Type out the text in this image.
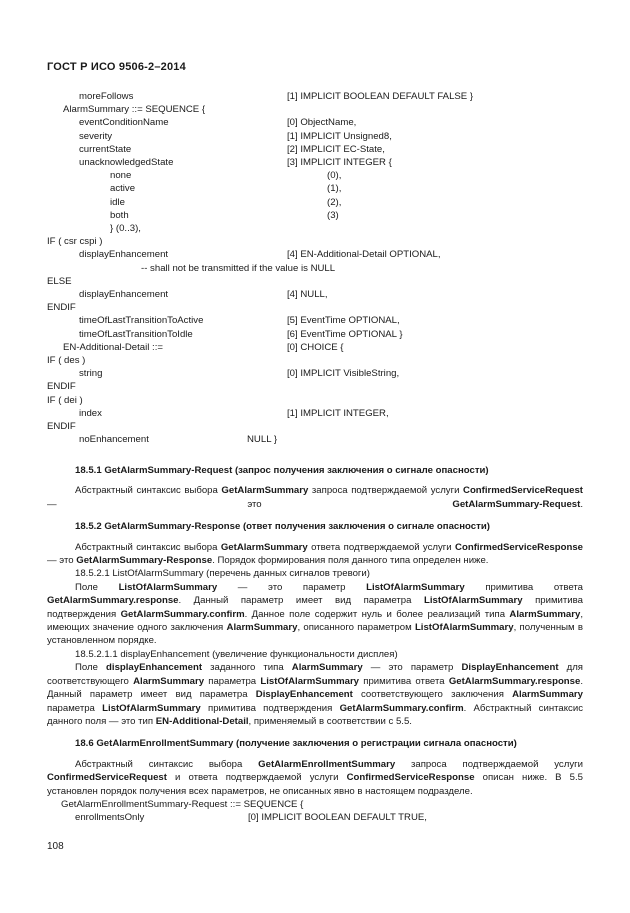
ГОСТ Р ИСО 9506-2–2014
moreFollows	[1] IMPLICIT BOOLEAN DEFAULT FALSE }
AlarmSummary ::= SEQUENCE {
eventConditionName	[0] ObjectName,
severity	[1] IMPLICIT Unsigned8,
currentState	[2] IMPLICIT EC-State,
unacknowledgedState	[3] IMPLICIT INTEGER {
none	(0),
active	(1),
idle	(2),
both	(3)
} (0..3),
IF ( csr cspi )
displayEnhancement	[4] EN-Additional-Detail OPTIONAL,
-- shall not be transmitted if the value is NULL
ELSE
displayEnhancement	[4] NULL,
ENDIF
timeOfLastTransitionToActive	[5] EventTime OPTIONAL,
timeOfLastTransitionToIdle	[6] EventTime OPTIONAL }
EN-Additional-Detail ::=	[0] CHOICE {
IF ( des )
string	[0] IMPLICIT VisibleString,
ENDIF
IF ( dei )
index	[1] IMPLICIT INTEGER,
ENDIF
noEnhancement	NULL }

18.5.1 GetAlarmSummary-Request (запрос получения заключения о сигнале опасности)

Абстрактный синтаксис выбора GetAlarmSummary запроса подтверждаемой услуги ConfirmedServiceRequest — это GetAlarmSummary-Request.

18.5.2 GetAlarmSummary-Response (ответ получения заключения о сигнале опасности)

Абстрактный синтаксис выбора GetAlarmSummary ответа подтверждаемой услуги ConfirmedServiceResponse — это GetAlarmSummary-Response. Порядок формирования поля данного типа определен ниже.

18.5.2.1 ListOfAlarmSummary (перечень данных сигналов тревоги)

Поле ListOfAlarmSummary — это параметр ListOfAlarmSummary примитива ответа GetAlarmSummary.response. Данный параметр имеет вид параметра ListOfAlarmSummary примитива подтверждения GetAlarmSummary.confirm. Данное поле содержит нуль и более реализаций типа AlarmSummary, имеющих значение одного заключения AlarmSummary, описанного параметром ListOfAlarmSummary, полученным в установленном порядке.

18.5.2.1.1 displayEnhancement (увеличение функциональности дисплея)

Поле displayEnhancement заданного типа AlarmSummary — это параметр DisplayEnhancement для соответствующего AlarmSummary параметра ListOfAlarmSummary примитива ответа GetAlarmSummary.response. Данный параметр имеет вид параметра DisplayEnhancement соответствующего заключения AlarmSummary параметра ListOfAlarmSummary примитива подтверждения GetAlarmSummary.confirm. Абстрактный синтаксис данного поля — это тип EN-Additional-Detail, применяемый в соответствии с 5.5.

18.6 GetAlarmEnrollmentSummary (получение заключения о регистрации сигнала опасности)

Абстрактный синтаксис выбора GetAlarmEnrollmentSummary запроса подтверждаемой услуги ConfirmedServiceRequest и ответа подтверждаемой услуги ConfirmedServiceResponse описан ниже. В 5.5 установлен порядок получения всех параметров, не описанных явно в настоящем подразделе.

GetAlarmEnrollmentSummary-Request ::= SEQUENCE {

enrollmentsOnly	[0] IMPLICIT BOOLEAN DEFAULT TRUE,

108
